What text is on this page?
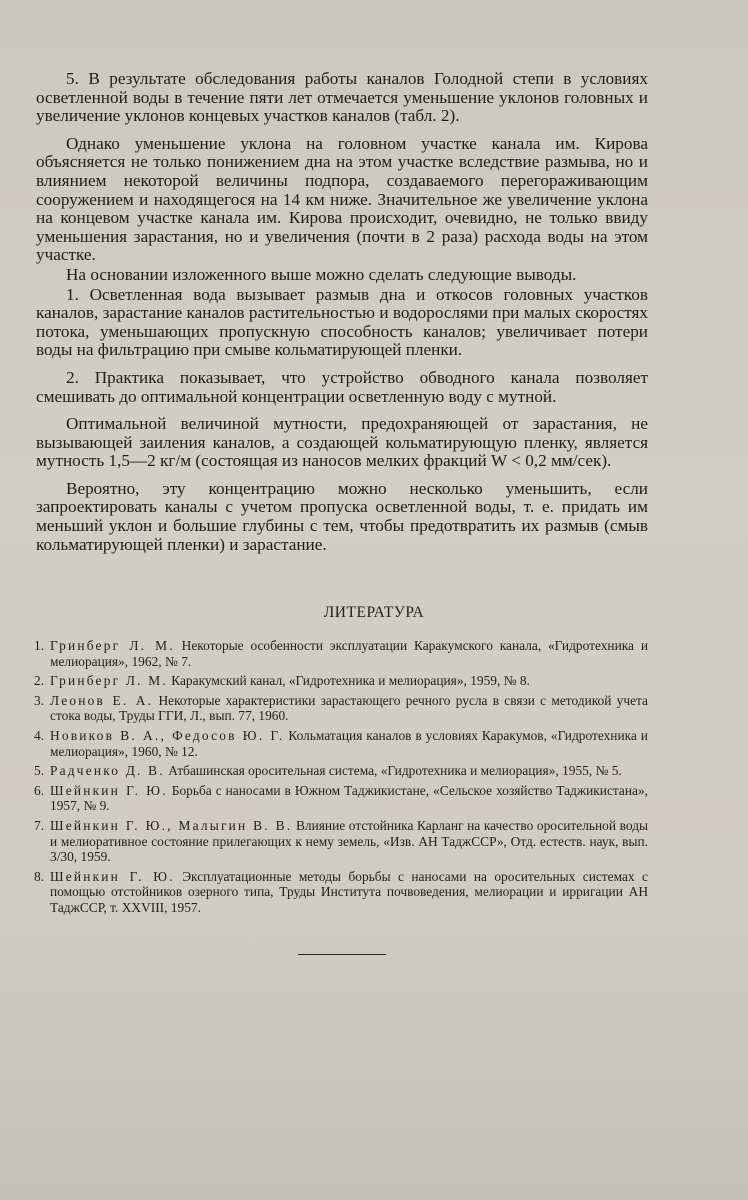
5. В результате обследования работы каналов Голодной степи в условиях осветленной воды в течение пяти лет отмечается уменьшение уклонов головных и увеличение уклонов концевых участков каналов (табл. 2).

Однако уменьшение уклона на головном участке канала им. Кирова объясняется не только понижением дна на этом участке вследствие размыва, но и влиянием некоторой величины подпора, создаваемого перегораживающим сооружением и находящегося на 14 км ниже. Значительное же увеличение уклона на концевом участке канала им. Кирова происходит, очевидно, не только ввиду уменьшения зарастания, но и увеличения (почти в 2 раза) расхода воды на этом участке.

На основании изложенного выше можно сделать следующие выводы.

1. Осветленная вода вызывает размыв дна и откосов головных участков каналов, зарастание каналов растительностью и водорослями при малых скоростях потока, уменьшающих пропускную способность каналов; увеличивает потери воды на фильтрацию при смыве кольматирующей пленки.

2. Практика показывает, что устройство обводного канала позволяет смешивать до оптимальной концентрации осветленную воду с мутной.

Оптимальной величиной мутности, предохраняющей от зарастания, не вызывающей заиления каналов, а создающей кольматирующую пленку, является мутность 1,5—2 кг/м (состоящая из наносов мелких фракций W < 0,2 мм/сек).

Вероятно, эту концентрацию можно несколько уменьшить, если запроектировать каналы с учетом пропуска осветленной воды, т. е. придать им меньший уклон и большие глубины с тем, чтобы предотвратить их размыв (смыв кольматирующей пленки) и зарастание.

ЛИТЕРАТУРА
1. Гринберг Л. М. Некоторые особенности эксплуатации Каракумского канала, «Гидротехника и мелиорация», 1962, № 7.
2. Гринберг Л. М. Каракумский канал, «Гидротехника и мелиорация», 1959, № 8.
3. Леонов Е. А. Некоторые характеристики зарастающего речного русла в связи с методикой учета стока воды, Труды ГГИ, Л., вып. 77, 1960.
4. Новиков В. А., Федосов Ю. Г. Кольматация каналов в условиях Каракумов, «Гидротехника и мелиорация», 1960, № 12.
5. Радченко Д. В. Атбашинская оросительная система, «Гидротехника и мелиорация», 1955, № 5.
6. Шейнкин Г. Ю. Борьба с наносами в Южном Таджикистане, «Сельское хозяйство Таджикистана», 1957, № 9.
7. Шейнкин Г. Ю., Малыгин В. В. Влияние отстойника Карланг на качество оросительной воды и мелиоративное состояние прилегающих к нему земель, «Изв. АН ТаджССР», Отд. естеств. наук, вып. 3/30, 1959.
8. Шейнкин Г. Ю. Эксплуатационные методы борьбы с наносами на оросительных системах с помощью отстойников озерного типа, Труды Института почвоведения, мелиорации и ирригации АН ТаджССР, т. XXVIII, 1957.
